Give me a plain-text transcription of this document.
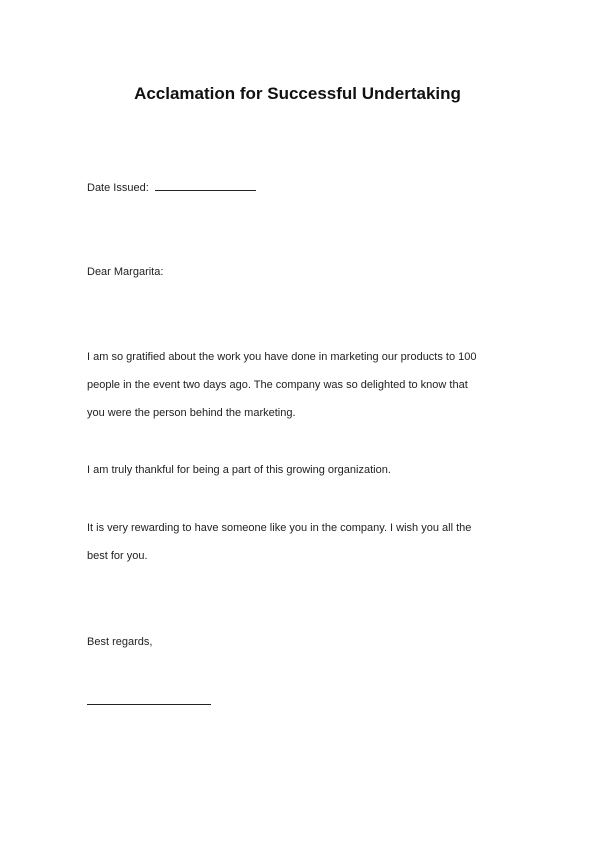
Acclamation for Successful Undertaking
Date Issued:
Dear Margarita:
I am so gratified about the work you have done in marketing our products to 100
people in the event two days ago. The company was so delighted to know that
you were the person behind the marketing.
I am truly thankful for being a part of this growing organization.
It is very rewarding to have someone like you in the company. I wish you all the
best for you.
Best regards,
